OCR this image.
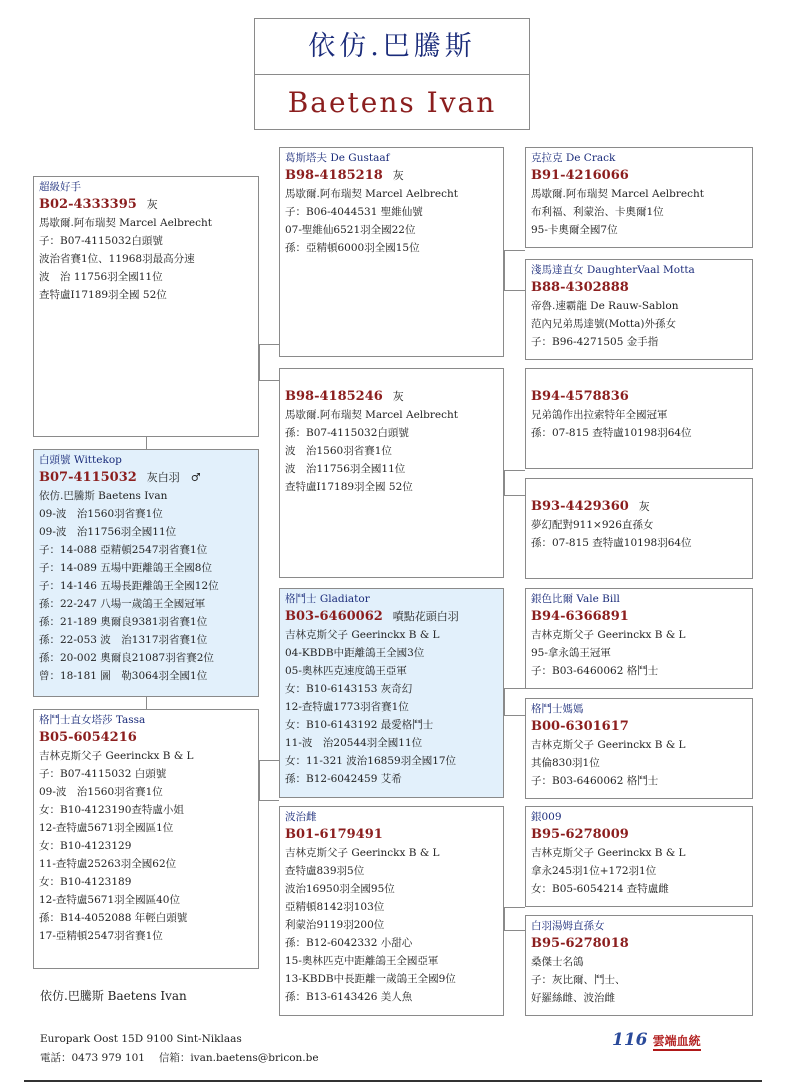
依仿.巴騰斯
Baetens Ivan
超級好手
B02-4333395 灰
馬歇爾.阿布瑞契 Marcel Aelbrecht
子：B07-4115032白頭號
波治省賽1位、11968羽最高分速
波　治 11756羽全國11位
查特盧Ⅰ17189羽全國 52位
白頭號 Wittekop
B07-4115032 灰白羽　♂
依仿.巴騰斯 Baetens Ivan
09-波　治1560羽省賽1位
09-波　治11756羽全國11位
子：14-088 亞精頓2547羽省賽1位
子：14-089 五場中距離鴿王全國8位
子：14-146 五場長距離鴿王全國12位
孫：22-247 八場一歲鴿王全國冠軍
孫：21-189 奧爾良9381羽省賽1位
孫：22-053 波　治1317羽省賽1位
孫：20-002 奧爾良21087羽省賽2位
曾：18-181 圖　勒3064羽全國1位
格鬥士直女塔莎 Tassa
B05-6054216
吉林克斯父子 Geerinckx B & L
子：B07-4115032 白頭號
09-波　治1560羽省賽1位
女：B10-4123190查特盧小姐
12-查特盧5671羽全國區1位
女：B10-4123129
11-查特盧25263羽全國62位
女：B10-4123189
12-查特盧5671羽全國區40位
孫：B14-4052088 年輕白頭號
17-亞精頓2547羽省賽1位
葛斯塔夫 De Gustaaf
B98-4185218 灰
馬歇爾.阿布瑞契 Marcel Aelbrecht
子：B06-4044531 聖維仙號
07-聖維仙6521羽全國22位
孫：亞精頓6000羽全國15位
B98-4185246 灰
馬歇爾.阿布瑞契 Marcel Aelbrecht
孫：B07-4115032白頭號
波　治1560羽省賽1位
波　治11756羽全國11位
查特盧Ⅰ17189羽全國 52位
格鬥士 Gladiator
B03-6460062 噴點花頭白羽
吉林克斯父子 Geerinckx B & L
04-KBDB中距離鴿王全國3位
05-奧林匹克速度鴿王亞軍
女：B10-6143153 灰奇幻
12-查特盧1773羽省賽1位
女：B10-6143192 最愛格鬥士
11-波　治20544羽全國11位
女：11-321 波治16859羽全國17位
孫：B12-6042459 艾希
波治雌
B01-6179491
吉林克斯父子 Geerinckx B & L
查特盧839羽5位
波治16950羽全國95位
亞精頓8142羽103位
利蒙治9119羽200位
孫：B12-6042332 小甜心
15-奧林匹克中距離鴿王全國亞軍
13-KBDB中長距離一歲鴿王全國9位
孫：B13-6143426 美人魚
克拉克 De Crack
B91-4216066
馬歇爾.阿布瑞契 Marcel Aelbrecht
布利福、利蒙治、卡奧爾1位
95-卡奧爾全國7位
淺馬達直女 DaughterVaal Motta
B88-4302888
帝魯.速霸龍 De Rauw-Sablon
范內兄弟馬達號(Motta)外孫女
子：B96-4271505 金手指
B94-4578836
兄弟鴿作出拉索特年全國冠軍
孫：07-815 查特盧10198羽64位
B93-4429360 灰
夢幻配對911×926直孫女
孫：07-815 查特盧10198羽64位
銀色比爾 Vale Bill
B94-6366891
吉林克斯父子 Geerinckx B & L
95-拿永鴿王冠軍
子：B03-6460062 格鬥士
格鬥士媽媽
B00-6301617
吉林克斯父子 Geerinckx B & L
其倫830羽1位
子：B03-6460062 格鬥士
銀009
B95-6278009
吉林克斯父子 Geerinckx B & L
拿永245羽1位+172羽1位
女：B05-6054214 查特盧雌
白羽湯姆直孫女
B95-6278018
桑傑士名鴿
子：灰比爾、鬥士、
好羅絲雌、波治雌
依仿.巴騰斯 Baetens Ivan
Europark Oost 15D 9100 Sint-Niklaas
電話：0473 979 101　 信箱：ivan.baetens@bricon.be
116 雲端血統
